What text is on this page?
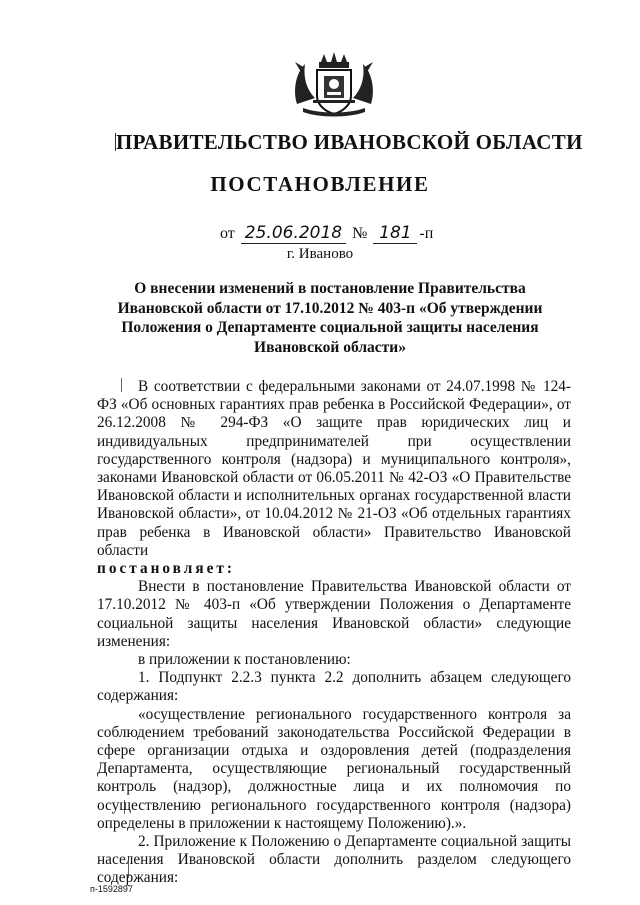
ПРАВИТЕЛЬСТВО ИВАНОВСКОЙ ОБЛАСТИ
ПОСТАНОВЛЕНИЕ
от 25.06.2018 № 181 -п
г. Иваново
О внесении изменений в постановление Правительства Ивановской области от 17.10.2012 № 403-п «Об утверждении Положения о Департаменте социальной защиты населения Ивановской области»

В соответствии с федеральными законами от 24.07.1998 № 124-ФЗ «Об основных гарантиях прав ребенка в Российской Федерации», от 26.12.2008 № 294-ФЗ «О защите прав юридических лиц и индивидуальных предпринимателей при осуществлении государственного контроля (надзора) и муниципального контроля», законами Ивановской области от 06.05.2011 № 42-ОЗ «О Правительстве Ивановской области и исполнительных органах государственной власти Ивановской области», от 10.04.2012 № 21-ОЗ «Об отдельных гарантиях прав ребенка в Ивановской области» Правительство Ивановской области

постановляет:

Внести в постановление Правительства Ивановской области от 17.10.2012 № 403-п «Об утверждении Положения о Департаменте социальной защиты населения Ивановской области» следующие изменения:

в приложении к постановлению:

1. Подпункт 2.2.3 пункта 2.2 дополнить абзацем следующего содержания:

«осуществление регионального государственного контроля за соблюдением требований законодательства Российской Федерации в сфере организации отдыха и оздоровления детей (подразделения Департамента, осуществляющие региональный государственный контроль (надзор), должностные лица и их полномочия по осуществлению регионального государственного контроля (надзора) определены в приложении к настоящему Положению).».

2. Приложение к Положению о Департаменте социальной защиты населения Ивановской области дополнить разделом следующего содержания:

п-1592897
